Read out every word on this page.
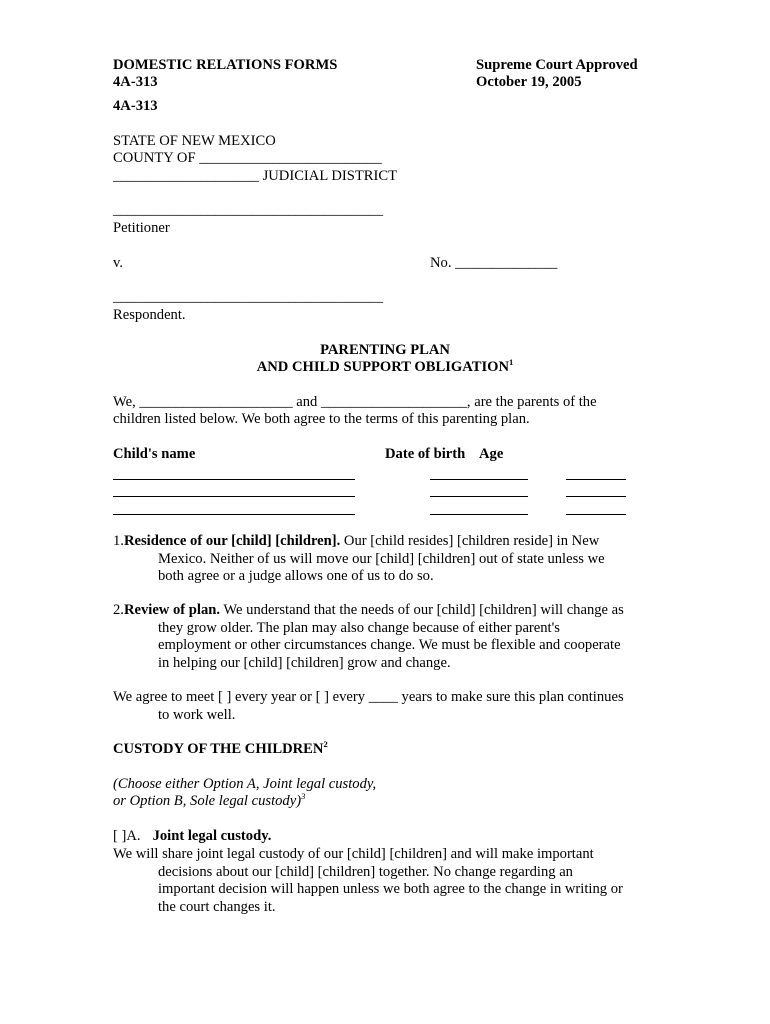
DOMESTIC RELATIONS FORMS
4A-313
Supreme Court Approved
October 19, 2005
4A-313
STATE OF NEW MEXICO
COUNTY OF _________________________
____________________ JUDICIAL DISTRICT
_____________________________________
Petitioner
v.	No. ______________
_____________________________________
Respondent.
PARENTING PLAN
AND CHILD SUPPORT OBLIGATION$^1$
We, _____________________ and ____________________, are the parents of the
children listed below. We both agree to the terms of this parenting plan.
Child's name	Date of birth Age
1.Residence of our [child] [children]. Our [child resides] [children reside] in New
Mexico. Neither of us will move our [child] [children] out of state unless we
both agree or a judge allows one of us to do so.
2.Review of plan. We understand that the needs of our [child] [children] will change as
they grow older. The plan may also change because of either parent's
employment or other circumstances change. We must be flexible and cooperate
in helping our [child] [children] grow and change.
We agree to meet [ ] every year or [ ] every ____ years to make sure this plan continues
to work well.
CUSTODY OF THE CHILDREN$^2$
(Choose either Option A, Joint legal custody,
or Option B, Sole legal custody)$^3$
[ ]A. Joint legal custody.
We will share joint legal custody of our [child] [children] and will make important
decisions about our [child] [children] together. No change regarding an
important decision will happen unless we both agree to the change in writing or
the court changes it.
